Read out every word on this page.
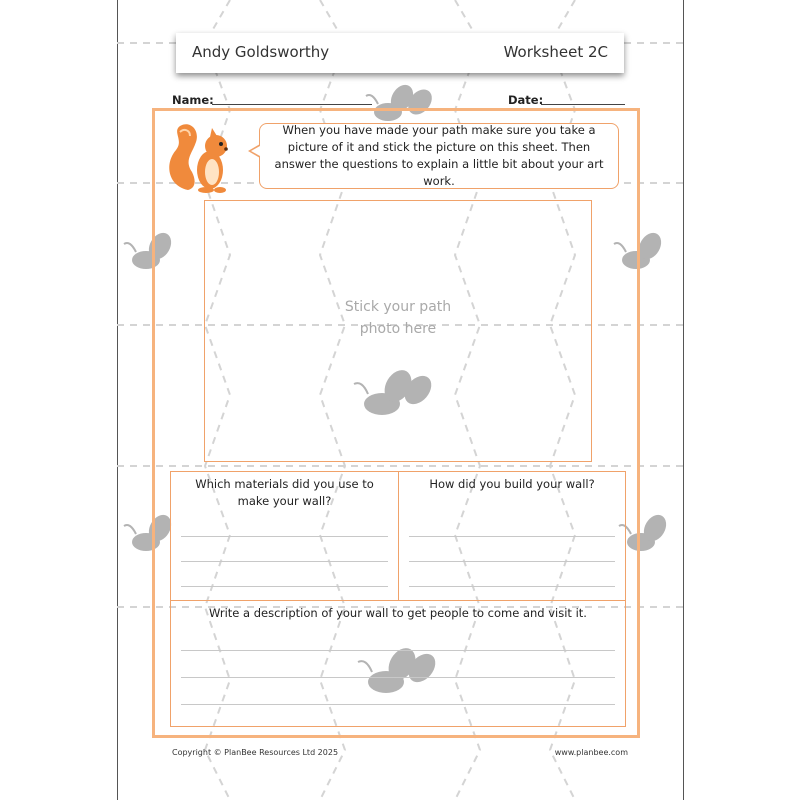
Andy Goldsworthy	Worksheet 2C
Name:	Date:
When you have made your path make sure you take a picture of it and stick the picture on this sheet. Then answer the questions to explain a little bit about your art work.
Stick your path photo here
Which materials did you use to make your wall?
How did you build your wall?
Write a description of your wall to get people to come and visit it.
Copyright © PlanBee Resources Ltd 2025	www.planbee.com
